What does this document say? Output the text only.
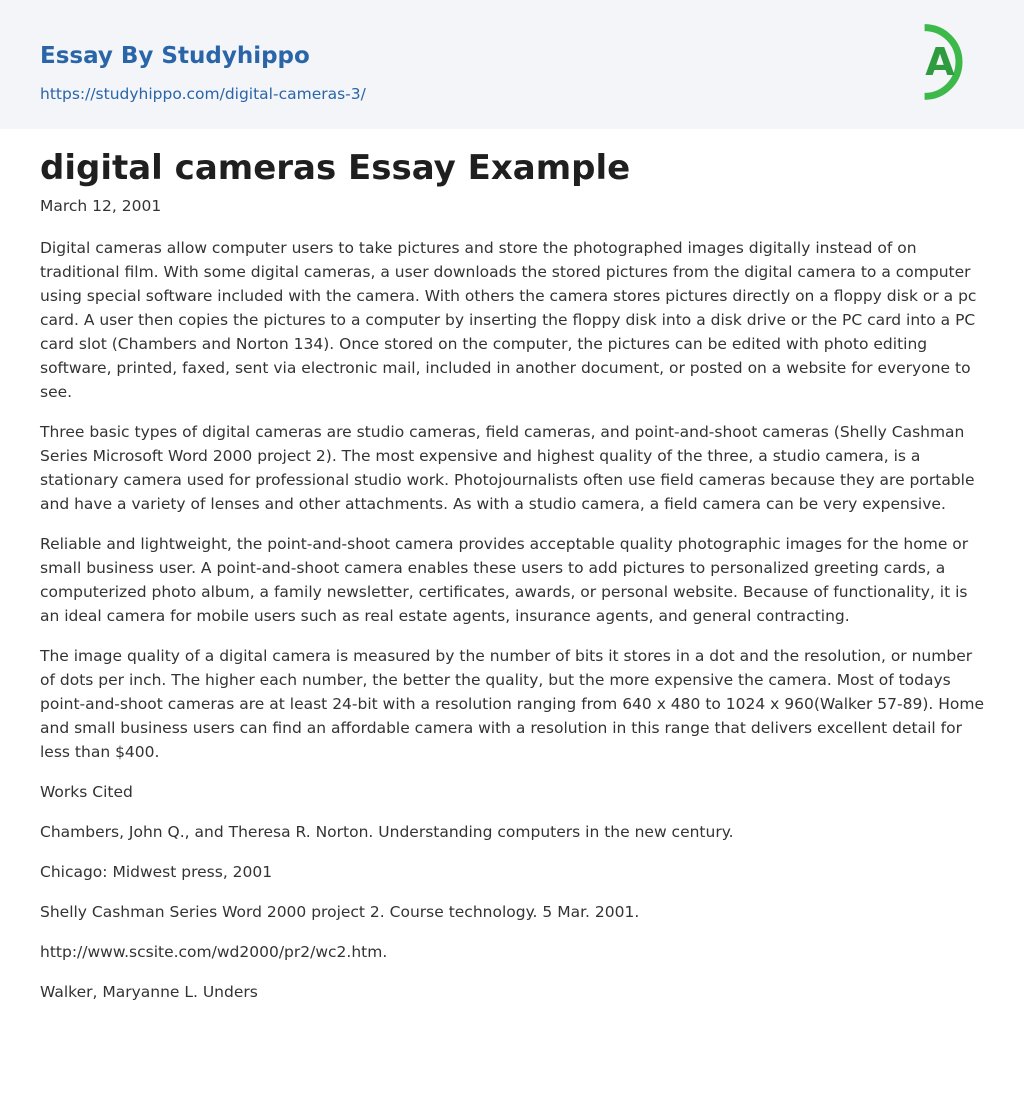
Essay By Studyhippo
https://studyhippo.com/digital-cameras-3/
A
digital cameras Essay Example
March 12, 2001

Digital cameras allow computer users to take pictures and store the photographed images digitally instead of on traditional film. With some digital cameras, a user downloads the stored pictures from the digital camera to a computer using special software included with the camera. With others the camera stores pictures directly on a floppy disk or a pc card. A user then copies the pictures to a computer by inserting the floppy disk into a disk drive or the PC card into a PC card slot (Chambers and Norton 134). Once stored on the computer, the pictures can be edited with photo editing software, printed, faxed, sent via electronic mail, included in another document, or posted on a website for everyone to see.

Three basic types of digital cameras are studio cameras, field cameras, and point-and-shoot cameras (Shelly Cashman Series Microsoft Word 2000 project 2). The most expensive and highest quality of the three, a studio camera, is a stationary camera used for professional studio work. Photojournalists often use field cameras because they are portable and have a variety of lenses and other attachments. As with a studio camera, a field camera can be very expensive.

Reliable and lightweight, the point-and-shoot camera provides acceptable quality photographic images for the home or small business user. A point-and-shoot camera enables these users to add pictures to personalized greeting cards, a computerized photo album, a family newsletter, certificates, awards, or personal website. Because of functionality, it is an ideal camera for mobile users such as real estate agents, insurance agents, and general contracting.

The image quality of a digital camera is measured by the number of bits it stores in a dot and the resolution, or number of dots per inch. The higher each number, the better the quality, but the more expensive the camera. Most of todays point-and-shoot cameras are at least 24-bit with a resolution ranging from 640 x 480 to 1024 x 960(Walker 57-89). Home and small business users can find an affordable camera with a resolution in this range that delivers excellent detail for less than $400.

Works Cited

Chambers, John Q., and Theresa R. Norton. Understanding computers in the new century.

Chicago: Midwest press, 2001

Shelly Cashman Series Word 2000 project 2. Course technology. 5 Mar. 2001.

http://www.scsite.com/wd2000/pr2/wc2.htm.

Walker, Maryanne L. Unders
